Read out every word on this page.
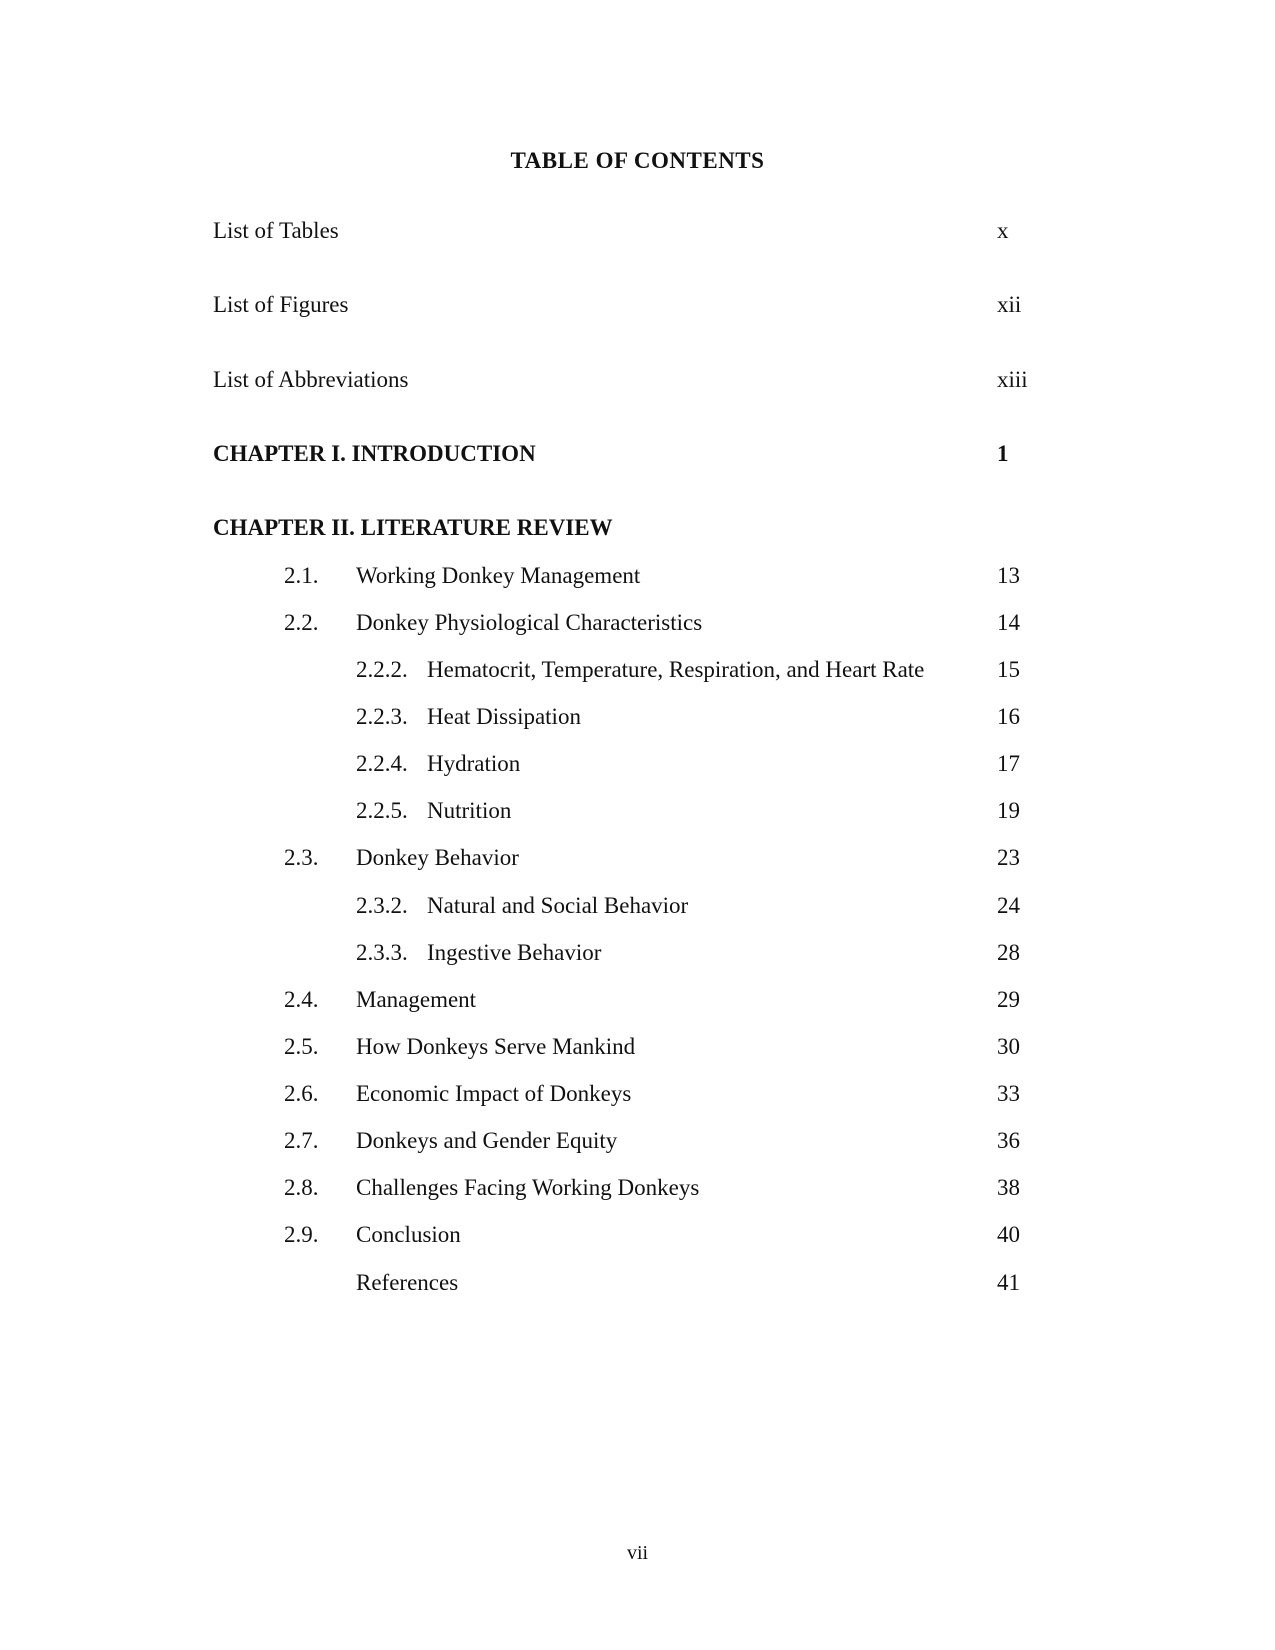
TABLE OF CONTENTS
List of Tables	x
List of Figures	xii
List of Abbreviations	xiii
CHAPTER I. INTRODUCTION	1
CHAPTER II. LITERATURE REVIEW
2.1. Working Donkey Management	13
2.2. Donkey Physiological Characteristics	14
2.2.2. Hematocrit, Temperature, Respiration, and Heart Rate	15
2.2.3. Heat Dissipation	16
2.2.4. Hydration	17
2.2.5. Nutrition	19
2.3. Donkey Behavior	23
2.3.2. Natural and Social Behavior	24
2.3.3. Ingestive Behavior	28
2.4. Management	29
2.5. How Donkeys Serve Mankind	30
2.6. Economic Impact of Donkeys	33
2.7. Donkeys and Gender Equity	36
2.8. Challenges Facing Working Donkeys	38
2.9. Conclusion	40
References	41
vii
